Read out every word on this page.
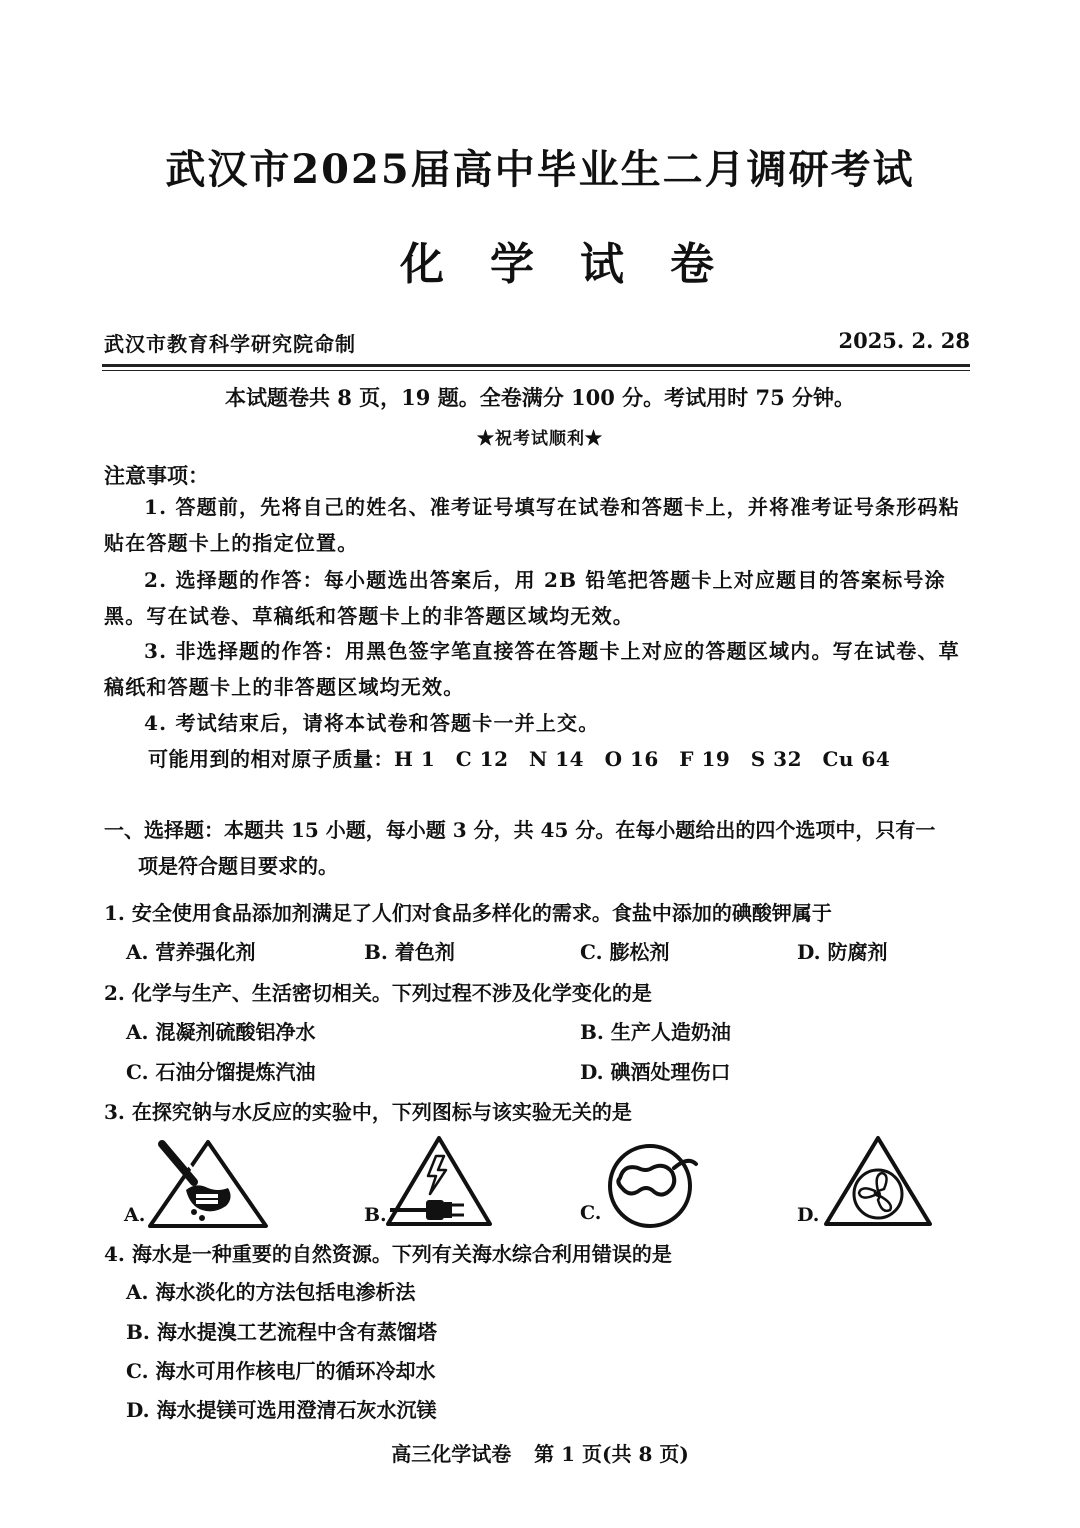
武汉市2025届高中毕业生二月调研考试
化学试卷
武汉市教育科学研究院命制	2025. 2. 28
本试题卷共 8 页，19 题。全卷满分 100 分。考试用时 75 分钟。
★祝考试顺利★
注意事项：
1. 答题前，先将自己的姓名、准考证号填写在试卷和答题卡上，并将准考证号条形码粘贴在答题卡上的指定位置。
2. 选择题的作答：每小题选出答案后，用 2B 铅笔把答题卡上对应题目的答案标号涂黑。写在试卷、草稿纸和答题卡上的非答题区域均无效。
3. 非选择题的作答：用黑色签字笔直接答在答题卡上对应的答题区域内。写在试卷、草稿纸和答题卡上的非答题区域均无效。
4. 考试结束后，请将本试卷和答题卡一并上交。
可能用到的相对原子质量：H 1　C 12　N 14　O 16　F 19　S 32　Cu 64
一、选择题：本题共 15 小题，每小题 3 分，共 45 分。在每小题给出的四个选项中，只有一
项是符合题目要求的。
1. 安全使用食品添加剂满足了人们对食品多样化的需求。食盐中添加的碘酸钾属于
A. 营养强化剂	B. 着色剂	C. 膨松剂	D. 防腐剂
2. 化学与生产、生活密切相关。下列过程不涉及化学变化的是
A. 混凝剂硫酸铝净水	B. 生产人造奶油
C. 石油分馏提炼汽油	D. 碘酒处理伤口
3. 在探究钠与水反应的实验中，下列图标与该实验无关的是
A.	B.	C.	D.
4. 海水是一种重要的自然资源。下列有关海水综合利用错误的是
A. 海水淡化的方法包括电渗析法
B. 海水提溴工艺流程中含有蒸馏塔
C. 海水可用作核电厂的循环冷却水
D. 海水提镁可选用澄清石灰水沉镁
高三化学试卷 第 1 页(共 8 页)
